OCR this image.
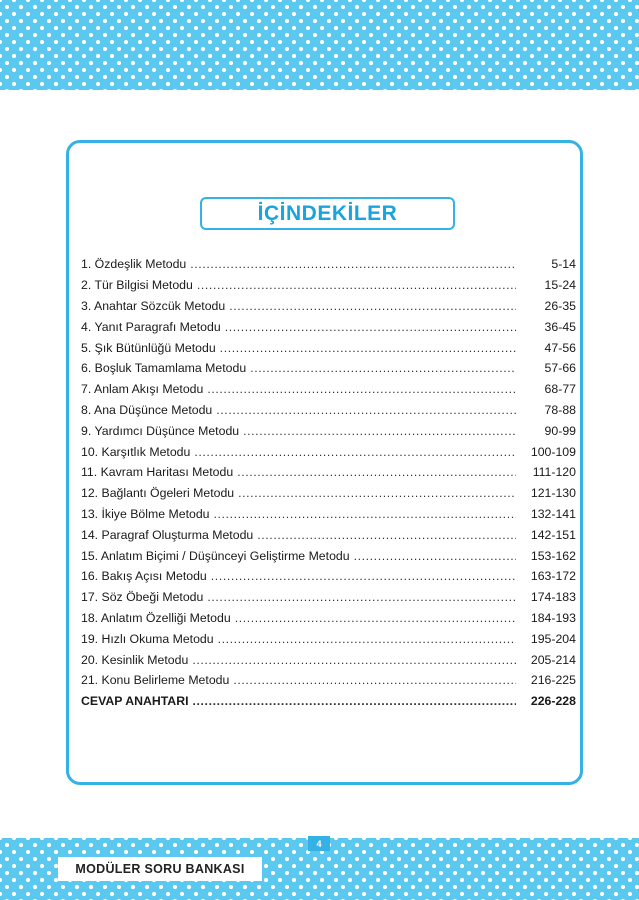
İÇİNDEKİLER
1. Özdeşlik Metodu .....	5-14
2. Tür Bilgisi Metodu .....	15-24
3. Anahtar Sözcük Metodu .....	26-35
4. Yanıt Paragrafı Metodu .....	36-45
5. Şık Bütünlüğü Metodu .....	47-56
6. Boşluk Tamamlama Metodu .....	57-66
7. Anlam Akışı Metodu .....	68-77
8. Ana Düşünce Metodu .....	78-88
9. Yardımcı Düşünce Metodu .....	90-99
10. Karşıtlık Metodu .....	100-109
11. Kavram Haritası Metodu .....	111-120
12. Bağlantı Ögeleri Metodu .....	121-130
13. İkiye Bölme Metodu .....	132-141
14. Paragraf Oluşturma Metodu .....	142-151
15. Anlatım Biçimi / Düşünceyi Geliştirme Metodu .....	153-162
16. Bakış Açısı Metodu .....	163-172
17. Söz Öbeği Metodu .....	174-183
18. Anlatım Özelliği Metodu .....	184-193
19. Hızlı Okuma Metodu .....	195-204
20. Kesinlik Metodu .....	205-214
21. Konu Belirleme Metodu .....	216-225
CEVAP ANAHTARI .....	226-228
4
MODÜLER SORU BANKASI
